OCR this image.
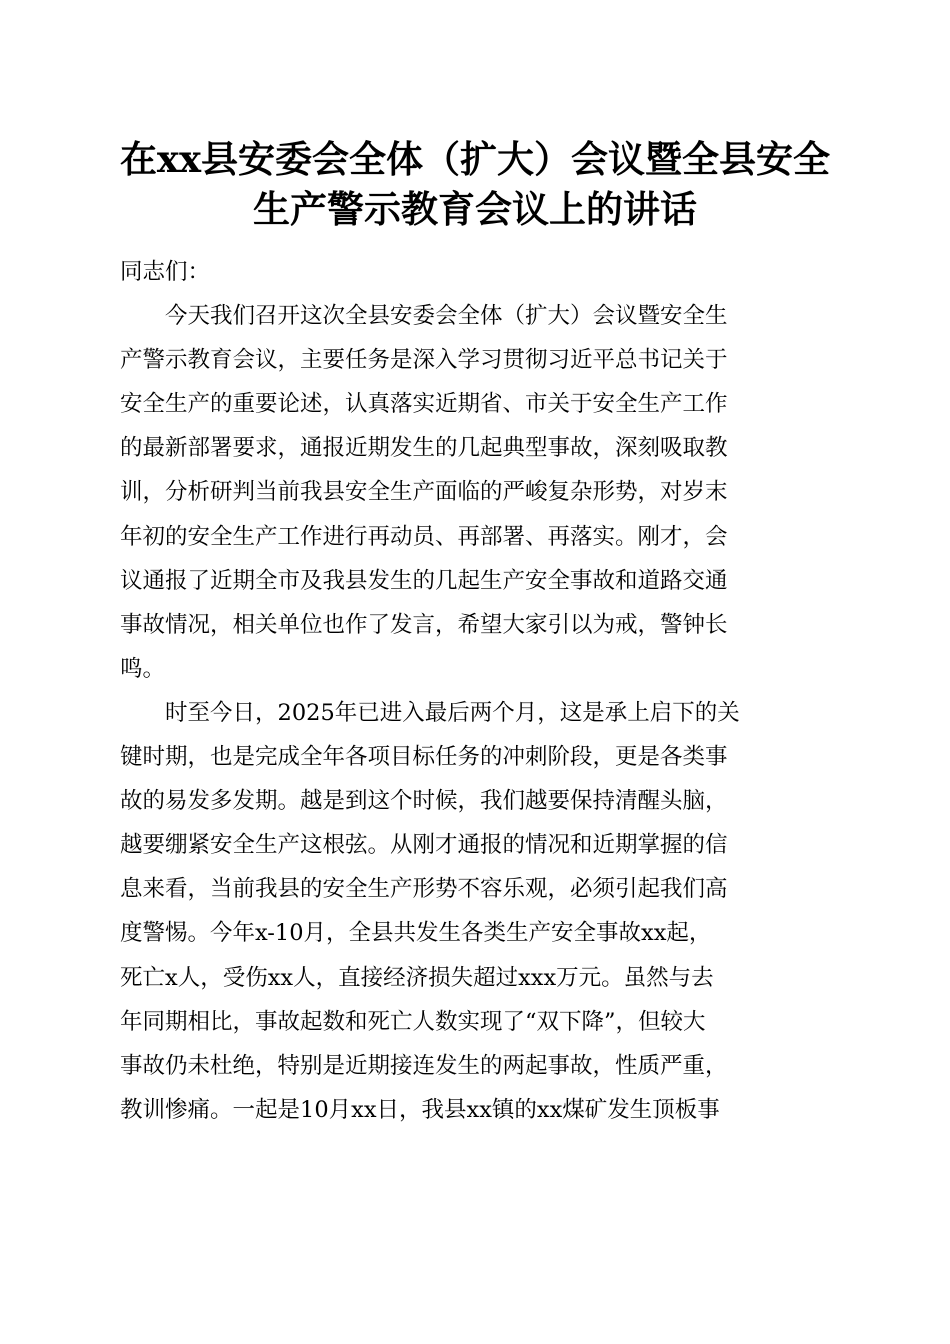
在xx县安委会全体（扩大）会议暨全县安全
生产警示教育会议上的讲话

同志们：

今天我们召开这次全县安委会全体（扩大）会议暨安全生
产警示教育会议，主要任务是深入学习贯彻习近平总书记关于
安全生产的重要论述，认真落实近期省、市关于安全生产工作
的最新部署要求，通报近期发生的几起典型事故，深刻吸取教
训，分析研判当前我县安全生产面临的严峻复杂形势，对岁末
年初的安全生产工作进行再动员、再部署、再落实。刚才，会
议通报了近期全市及我县发生的几起生产安全事故和道路交通
事故情况，相关单位也作了发言，希望大家引以为戒，警钟长
鸣。

时至今日，2025年已进入最后两个月，这是承上启下的关
键时期，也是完成全年各项目标任务的冲刺阶段，更是各类事
故的易发多发期。越是到这个时候，我们越要保持清醒头脑，
越要绷紧安全生产这根弦。从刚才通报的情况和近期掌握的信
息来看，当前我县的安全生产形势不容乐观，必须引起我们高
度警惕。今年x-10月，全县共发生各类生产安全事故xx起，
死亡x人，受伤xx人，直接经济损失超过xxx万元。虽然与去
年同期相比，事故起数和死亡人数实现了“双下降”，但较大
事故仍未杜绝，特别是近期接连发生的两起事故，性质严重，
教训惨痛。一起是10月xx日，我县xx镇的xx煤矿发生顶板事
